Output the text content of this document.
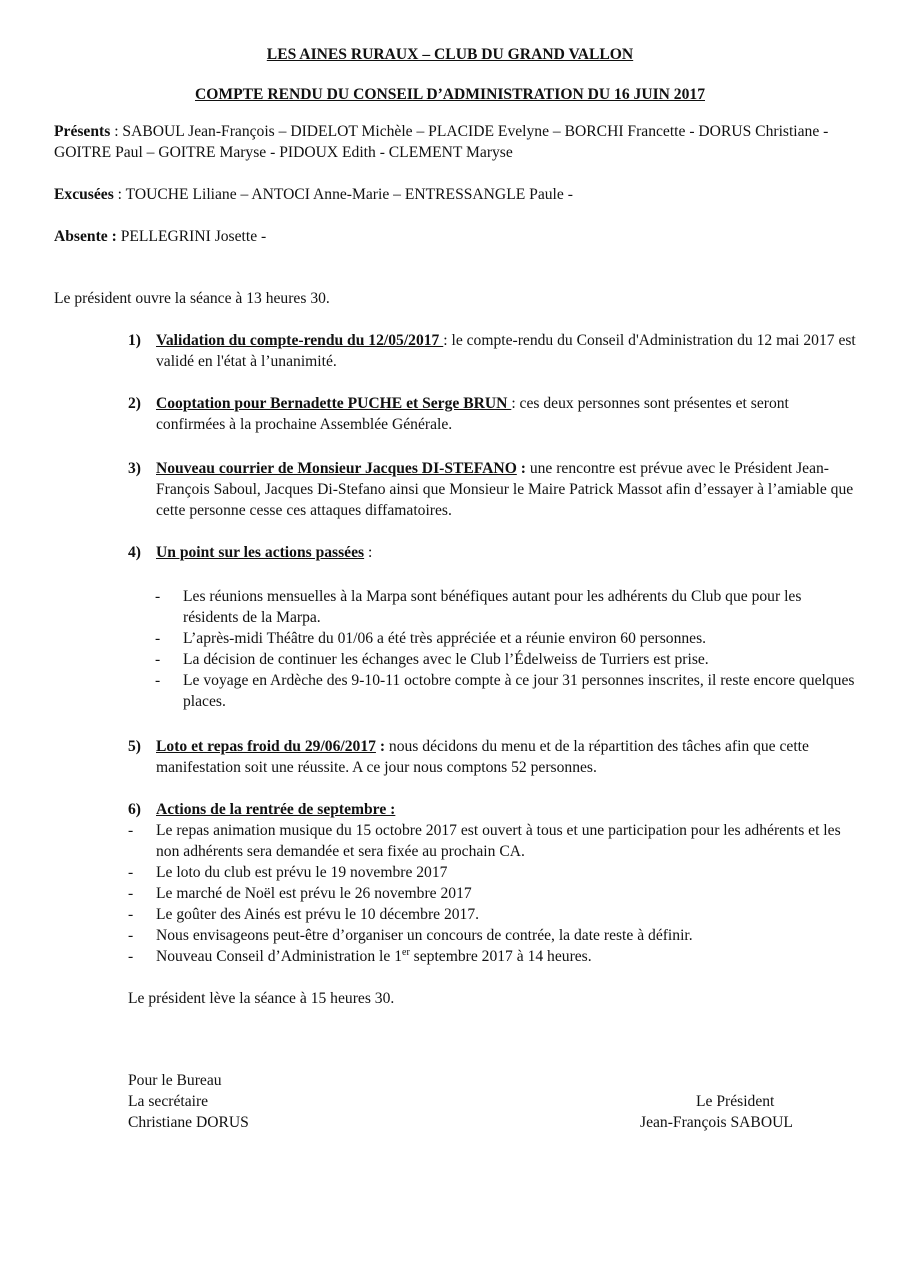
LES AINES RURAUX – CLUB DU GRAND VALLON
COMPTE RENDU DU CONSEIL D’ADMINISTRATION DU 16 JUIN 2017
Présents : SABOUL Jean-François – DIDELOT Michèle – PLACIDE Evelyne – BORCHI Francette - DORUS Christiane - GOITRE Paul – GOITRE Maryse - PIDOUX Edith - CLEMENT Maryse
Excusées : TOUCHE Liliane – ANTOCI Anne-Marie – ENTRESSANGLE Paule -
Absente : PELLEGRINI Josette -
Le président ouvre la séance à 13 heures 30.
1) Validation du compte-rendu du 12/05/2017 : le compte-rendu du Conseil d'Administration du 12 mai 2017 est validé en l'état à l’unanimité.
2) Cooptation pour Bernadette PUCHE et Serge BRUN : ces deux personnes sont présentes et seront confirmées à la prochaine Assemblée Générale.
3) Nouveau courrier de Monsieur Jacques DI-STEFANO : une rencontre est prévue avec le Président Jean-François Saboul, Jacques Di-Stefano ainsi que Monsieur le Maire Patrick Massot afin d’essayer à l’amiable que cette personne cesse ces attaques diffamatoires.
4) Un point sur les actions passées :
- Les réunions mensuelles à la Marpa sont bénéfiques autant pour les adhérents du Club que pour les résidents de la Marpa.
- L’après-midi Théâtre du 01/06 a été très appréciée et a réunie environ 60 personnes.
- La décision de continuer les échanges avec le Club l’Édelweiss de Turriers est prise.
- Le voyage en Ardèche des 9-10-11 octobre compte à ce jour 31 personnes inscrites, il reste encore quelques places.
5) Loto et repas froid du 29/06/2017 : nous décidons du menu et de la répartition des tâches afin que cette manifestation soit une réussite. A ce jour nous comptons 52 personnes.
6) Actions de la rentrée de septembre :
- Le repas animation musique du 15 octobre 2017 est ouvert à tous et une participation pour les adhérents et les non adhérents sera demandée et sera fixée au prochain CA.
- Le loto du club est prévu le 19 novembre 2017
- Le marché de Noël est prévu le 26 novembre 2017
- Le goûter des Ainés est prévu le 10 décembre 2017.
- Nous envisageons peut-être d’organiser un concours de contrée, la date reste à définir.
- Nouveau Conseil d’Administration le 1er septembre 2017 à 14 heures.
Le président lève la séance à 15 heures 30.
Pour le Bureau
La secrétaire
Christiane DORUS
Le Président
Jean-François SABOUL
